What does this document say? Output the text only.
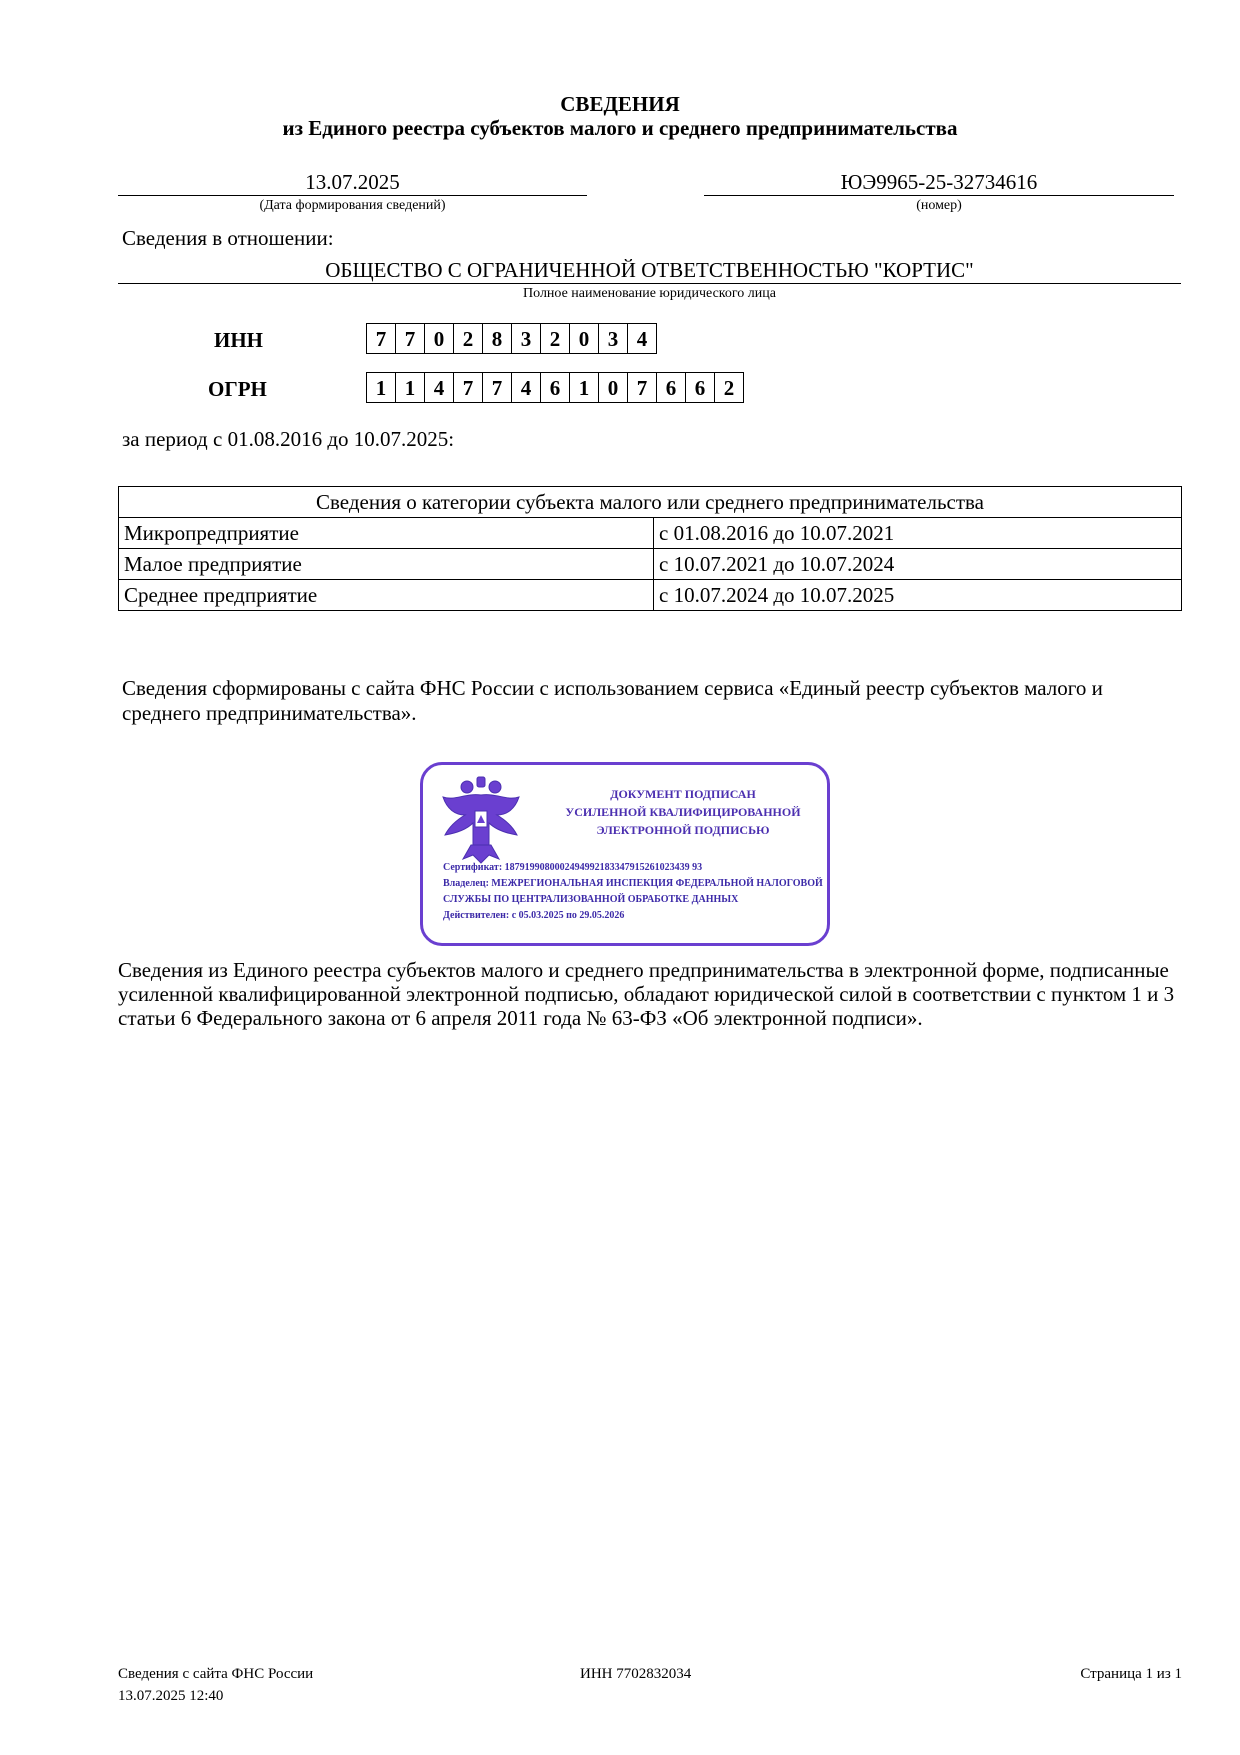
СВЕДЕНИЯ
из Единого реестра субъектов малого и среднего предпринимательства
13.07.2025
(Дата формирования сведений)
ЮЭ9965-25-32734616
(номер)
Сведения в отношении:
ОБЩЕСТВО С ОГРАНИЧЕННОЙ ОТВЕТСТВЕННОСТЬЮ "КОРТИС"
Полное наименование юридического лица
ИНН	7 7 0 2 8 3 2 0 3 4
ОГРН	1 1 4 7 7 4 6 1 0 7 6 6 2
за период с 01.08.2016 до 10.07.2025:
Сведения о категории субъекта малого или среднего предпринимательства	
Микропредприятие	с 01.08.2016 до 10.07.2021
Малое предприятие	с 10.07.2021 до 10.07.2024
Среднее предприятие	с 10.07.2024 до 10.07.2025
Сведения сформированы с сайта ФНС России с использованием сервиса «Единый реестр субъектов малого и среднего предпринимательства».
ДОКУМЕНТ ПОДПИСАН
УСИЛЕННОЙ КВАЛИФИЦИРОВАННОЙ
ЭЛЕКТРОННОЙ ПОДПИСЬЮ
Сертификат: 1879199080002494992183347915261023439 93
Владелец: МЕЖРЕГИОНАЛЬНАЯ ИНСПЕКЦИЯ ФЕДЕРАЛЬНОЙ НАЛОГОВОЙ СЛУЖБЫ ПО ЦЕНТРАЛИЗОВАННОЙ ОБРАБОТКЕ ДАННЫХ
Действителен: с 05.03.2025 по 29.05.2026
Сведения из Единого реестра субъектов малого и среднего предпринимательства в электронной форме, подписанные усиленной квалифицированной электронной подписью, обладают юридической силой в соответствии с пунктом 1 и 3 статьи 6 Федерального закона от 6 апреля 2011 года № 63-ФЗ «Об электронной подписи».
Сведения с сайта ФНС России
13.07.2025 12:40
ИНН 7702832034	Страница 1 из 1
